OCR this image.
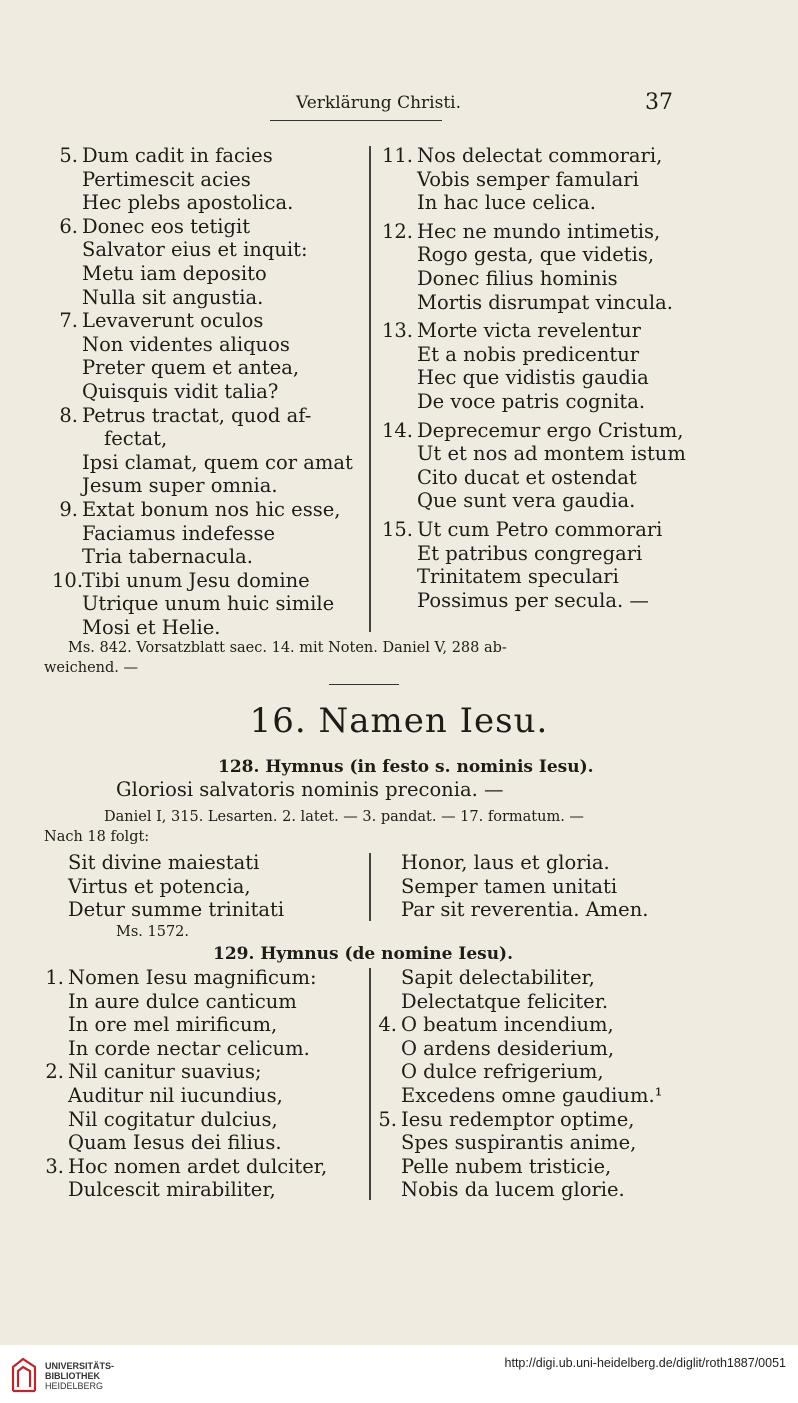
Verklärung Christi.	37
5. Dum cadit in facies
Pertimescit acies
Hec plebs apostolica.
6. Donec eos tetigit
Salvator eius et inquit:
Metu iam deposito
Nulla sit angustia.
7. Levaverunt oculos
Non videntes aliquos
Preter quem et antea,
Quisquis vidit talia?
8. Petrus tractat, quod af-
fectat,
Ipsi clamat, quem cor amat
Jesum super omnia.
9. Extat bonum nos hic esse,
Faciamus indefesse
Tria tabernacula.
10.
Tibi unum Jesu domine
Utrique unum huic simile
Mosi et Helie.
11. Nos delectat commorari,
Vobis semper famulari
In hac luce celica.
12. Hec ne mundo intimetis,
Rogo gesta, que videtis,
Donec filius hominis
Mortis disrumpat vincula.
13. Morte victa revelentur
Et a nobis predicentur
Hec que vidistis gaudia
De voce patris cognita.
14. Deprecemur ergo Cristum,
Ut et nos ad montem istum
Cito ducat et ostendat
Que sunt vera gaudia.
15. Ut cum Petro commorari
Et patribus congregari
Trinitatem speculari
Possimus per secula. —
Ms. 842. Vorsatzblatt saec. 14. mit Noten. Daniel V, 288 ab-
weichend. —
16. Namen Iesu.
128. Hymnus (in festo s. nominis Iesu).
Gloriosi salvatoris nominis preconia. —
Daniel I, 315. Lesarten. 2. latet. — 3. pandat. — 17. formatum. —
Nach 18 folgt:
Sit divine maiestati
Virtus et potencia,
Detur summe trinitati
Honor, laus et gloria.
Semper tamen unitati
Par sit reverentia. Amen.
Ms. 1572.
129. Hymnus (de nomine Iesu).
1. Nomen Iesu magnificum:
In aure dulce canticum
In ore mel mirificum,
In corde nectar celicum.
2. Nil canitur suavius;
Auditur nil iucundius,
Nil cogitatur dulcius,
Quam Iesus dei filius.
3. Hoc nomen ardet dulciter,
Dulcescit mirabiliter,
Sapit delectabiliter,
Delectatque feliciter.
4. O beatum incendium,
O ardens desiderium,
O dulce refrigerium,
Excedens omne gaudium.¹
5. Iesu redemptor optime,
Spes suspirantis anime,
Pelle nubem tristicie,
Nobis da lucem glorie.
UNIVERSITÄTS-
BIBLIOTHEK
HEIDELBERG
http://digi.ub.uni-heidelberg.de/diglit/roth1887/0051
